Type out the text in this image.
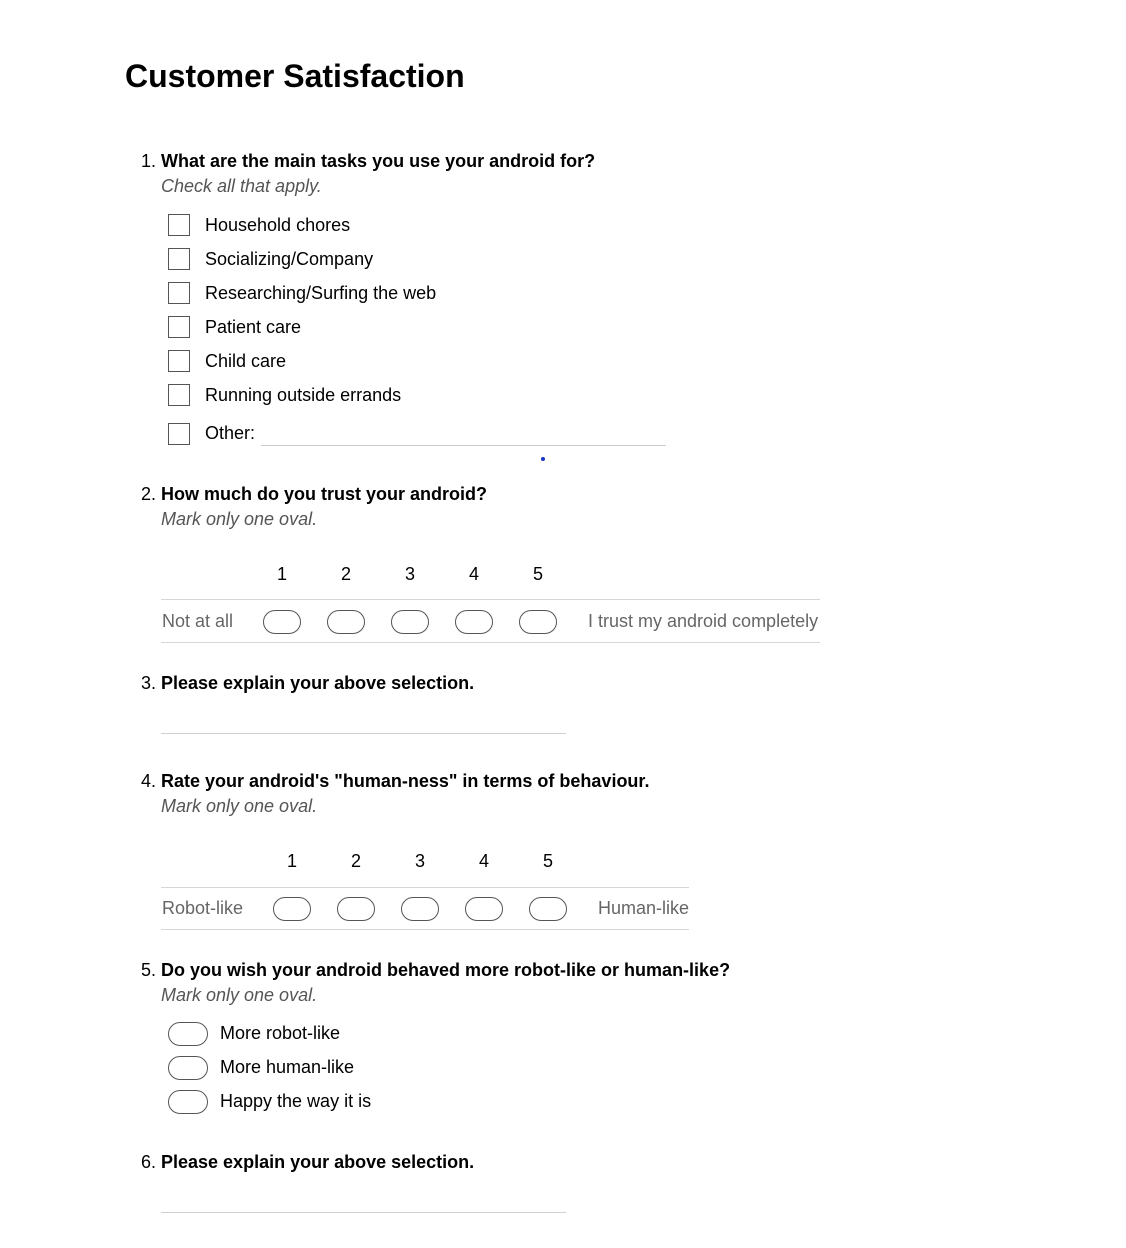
Customer Satisfaction
1. What are the main tasks you use your android for?
Check all that apply.
Household chores
Socializing/Company
Researching/Surfing the web
Patient care
Child care
Running outside errands
Other:
2. How much do you trust your android?
Mark only one oval.
1	2	3	4	5
Not at all	I trust my android completely
3. Please explain your above selection.
4. Rate your android's "human-ness" in terms of behaviour.
Mark only one oval.
1	2	3	4	5
Robot-like	Human-like
5. Do you wish your android behaved more robot-like or human-like?
Mark only one oval.
More robot-like
More human-like
Happy the way it is
6. Please explain your above selection.
